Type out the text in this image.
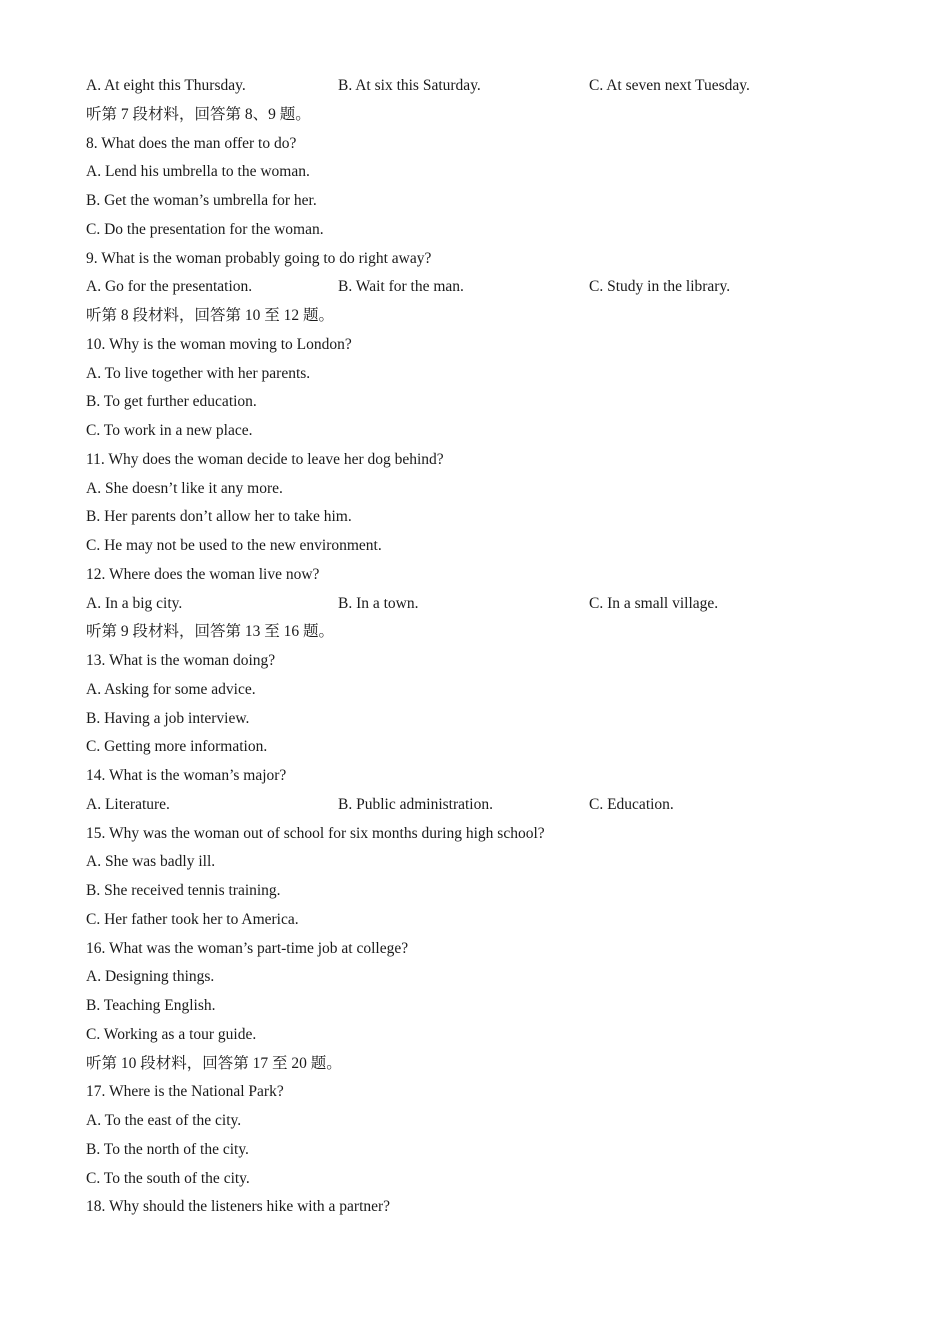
A. At eight this Thursday.	B. At six this Saturday.	C. At seven next Tuesday.
听第 7 段材料，回答第 8、9 题。
8. What does the man offer to do?
A. Lend his umbrella to the woman.
B. Get the woman’s umbrella for her.
C. Do the presentation for the woman.
9. What is the woman probably going to do right away?
A. Go for the presentation.	B. Wait for the man.	C. Study in the library.
听第 8 段材料，回答第 10 至 12 题。
10. Why is the woman moving to London?
A. To live together with her parents.
B. To get further education.
C. To work in a new place.
11. Why does the woman decide to leave her dog behind?
A. She doesn’t like it any more.
B. Her parents don’t allow her to take him.
C. He may not be used to the new environment.
12. Where does the woman live now?
A. In a big city.	B. In a town.	C. In a small village.
听第 9 段材料，回答第 13 至 16 题。
13. What is the woman doing?
A. Asking for some advice.
B. Having a job interview.
C. Getting more information.
14. What is the woman’s major?
A. Literature.	B. Public administration.	C. Education.
15. Why was the woman out of school for six months during high school?
A. She was badly ill.
B. She received tennis training.
C. Her father took her to America.
16. What was the woman’s part-time job at college?
A. Designing things.
B. Teaching English.
C. Working as a tour guide.
听第 10 段材料，回答第 17 至 20 题。
17. Where is the National Park?
A. To the east of the city.
B. To the north of the city.
C. To the south of the city.
18. Why should the listeners hike with a partner?
